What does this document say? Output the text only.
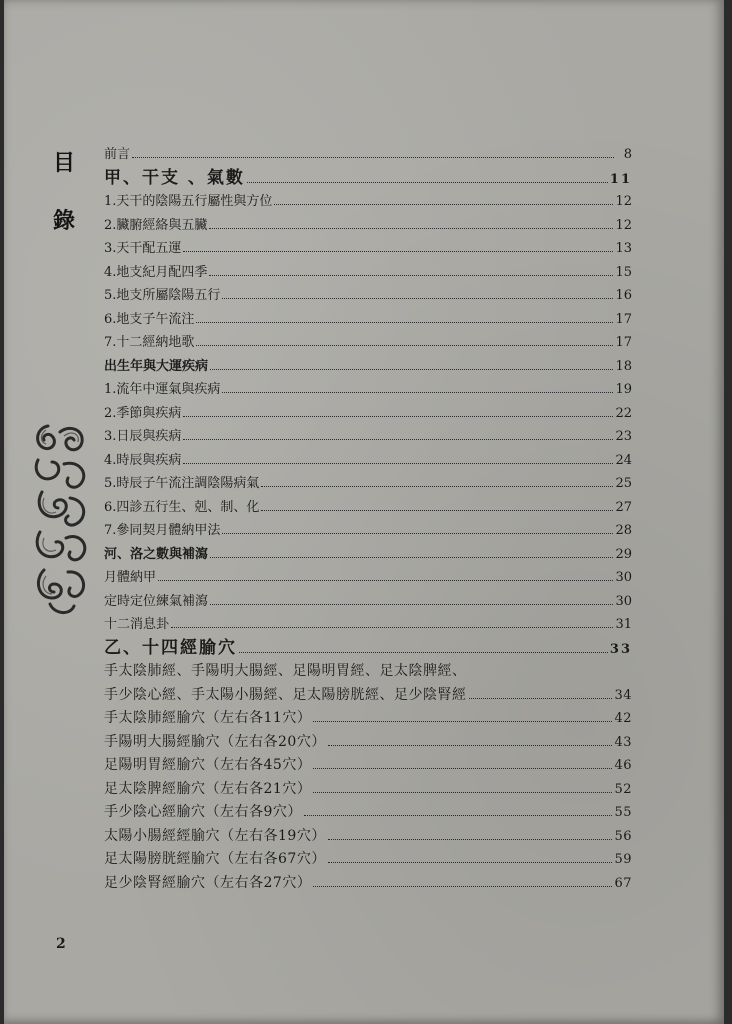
目
錄
前言	8
甲、干支 、氣數	11
1.天干的陰陽五行屬性與方位	12
2.臟腑經絡與五臟	12
3.天干配五運	13
4.地支紀月配四季	15
5.地支所屬陰陽五行	16
6.地支子午流注	17
7.十二經納地歌	17
出生年與大運疾病	18
1.流年中運氣與疾病	19
2.季節與疾病	22
3.日辰與疾病	23
4.時辰與疾病	24
5.時辰子午流注調陰陽病氣	25
6.四診五行生、剋、制、化	27
7.參同契月體納甲法	28
河、洛之數與補瀉	29
月體納甲	30
定時定位練氣補瀉	30
十二消息卦	31
乙、十四經腧穴	33
手太陰肺經、手陽明大腸經、足陽明胃經、足太陰脾經、
手少陰心經、手太陽小腸經、足太陽膀胱經、足少陰腎經	34
手太陰肺經腧穴（左右各11穴）	42
手陽明大腸經腧穴（左右各20穴）	43
足陽明胃經腧穴（左右各45穴）	46
足太陰脾經腧穴（左右各21穴）	52
手少陰心經腧穴（左右各9穴）	55
太陽小腸經經腧穴（左右各19穴）	56
足太陽膀胱經腧穴（左右各67穴）	59
足少陰腎經腧穴（左右各27穴）	67
2
